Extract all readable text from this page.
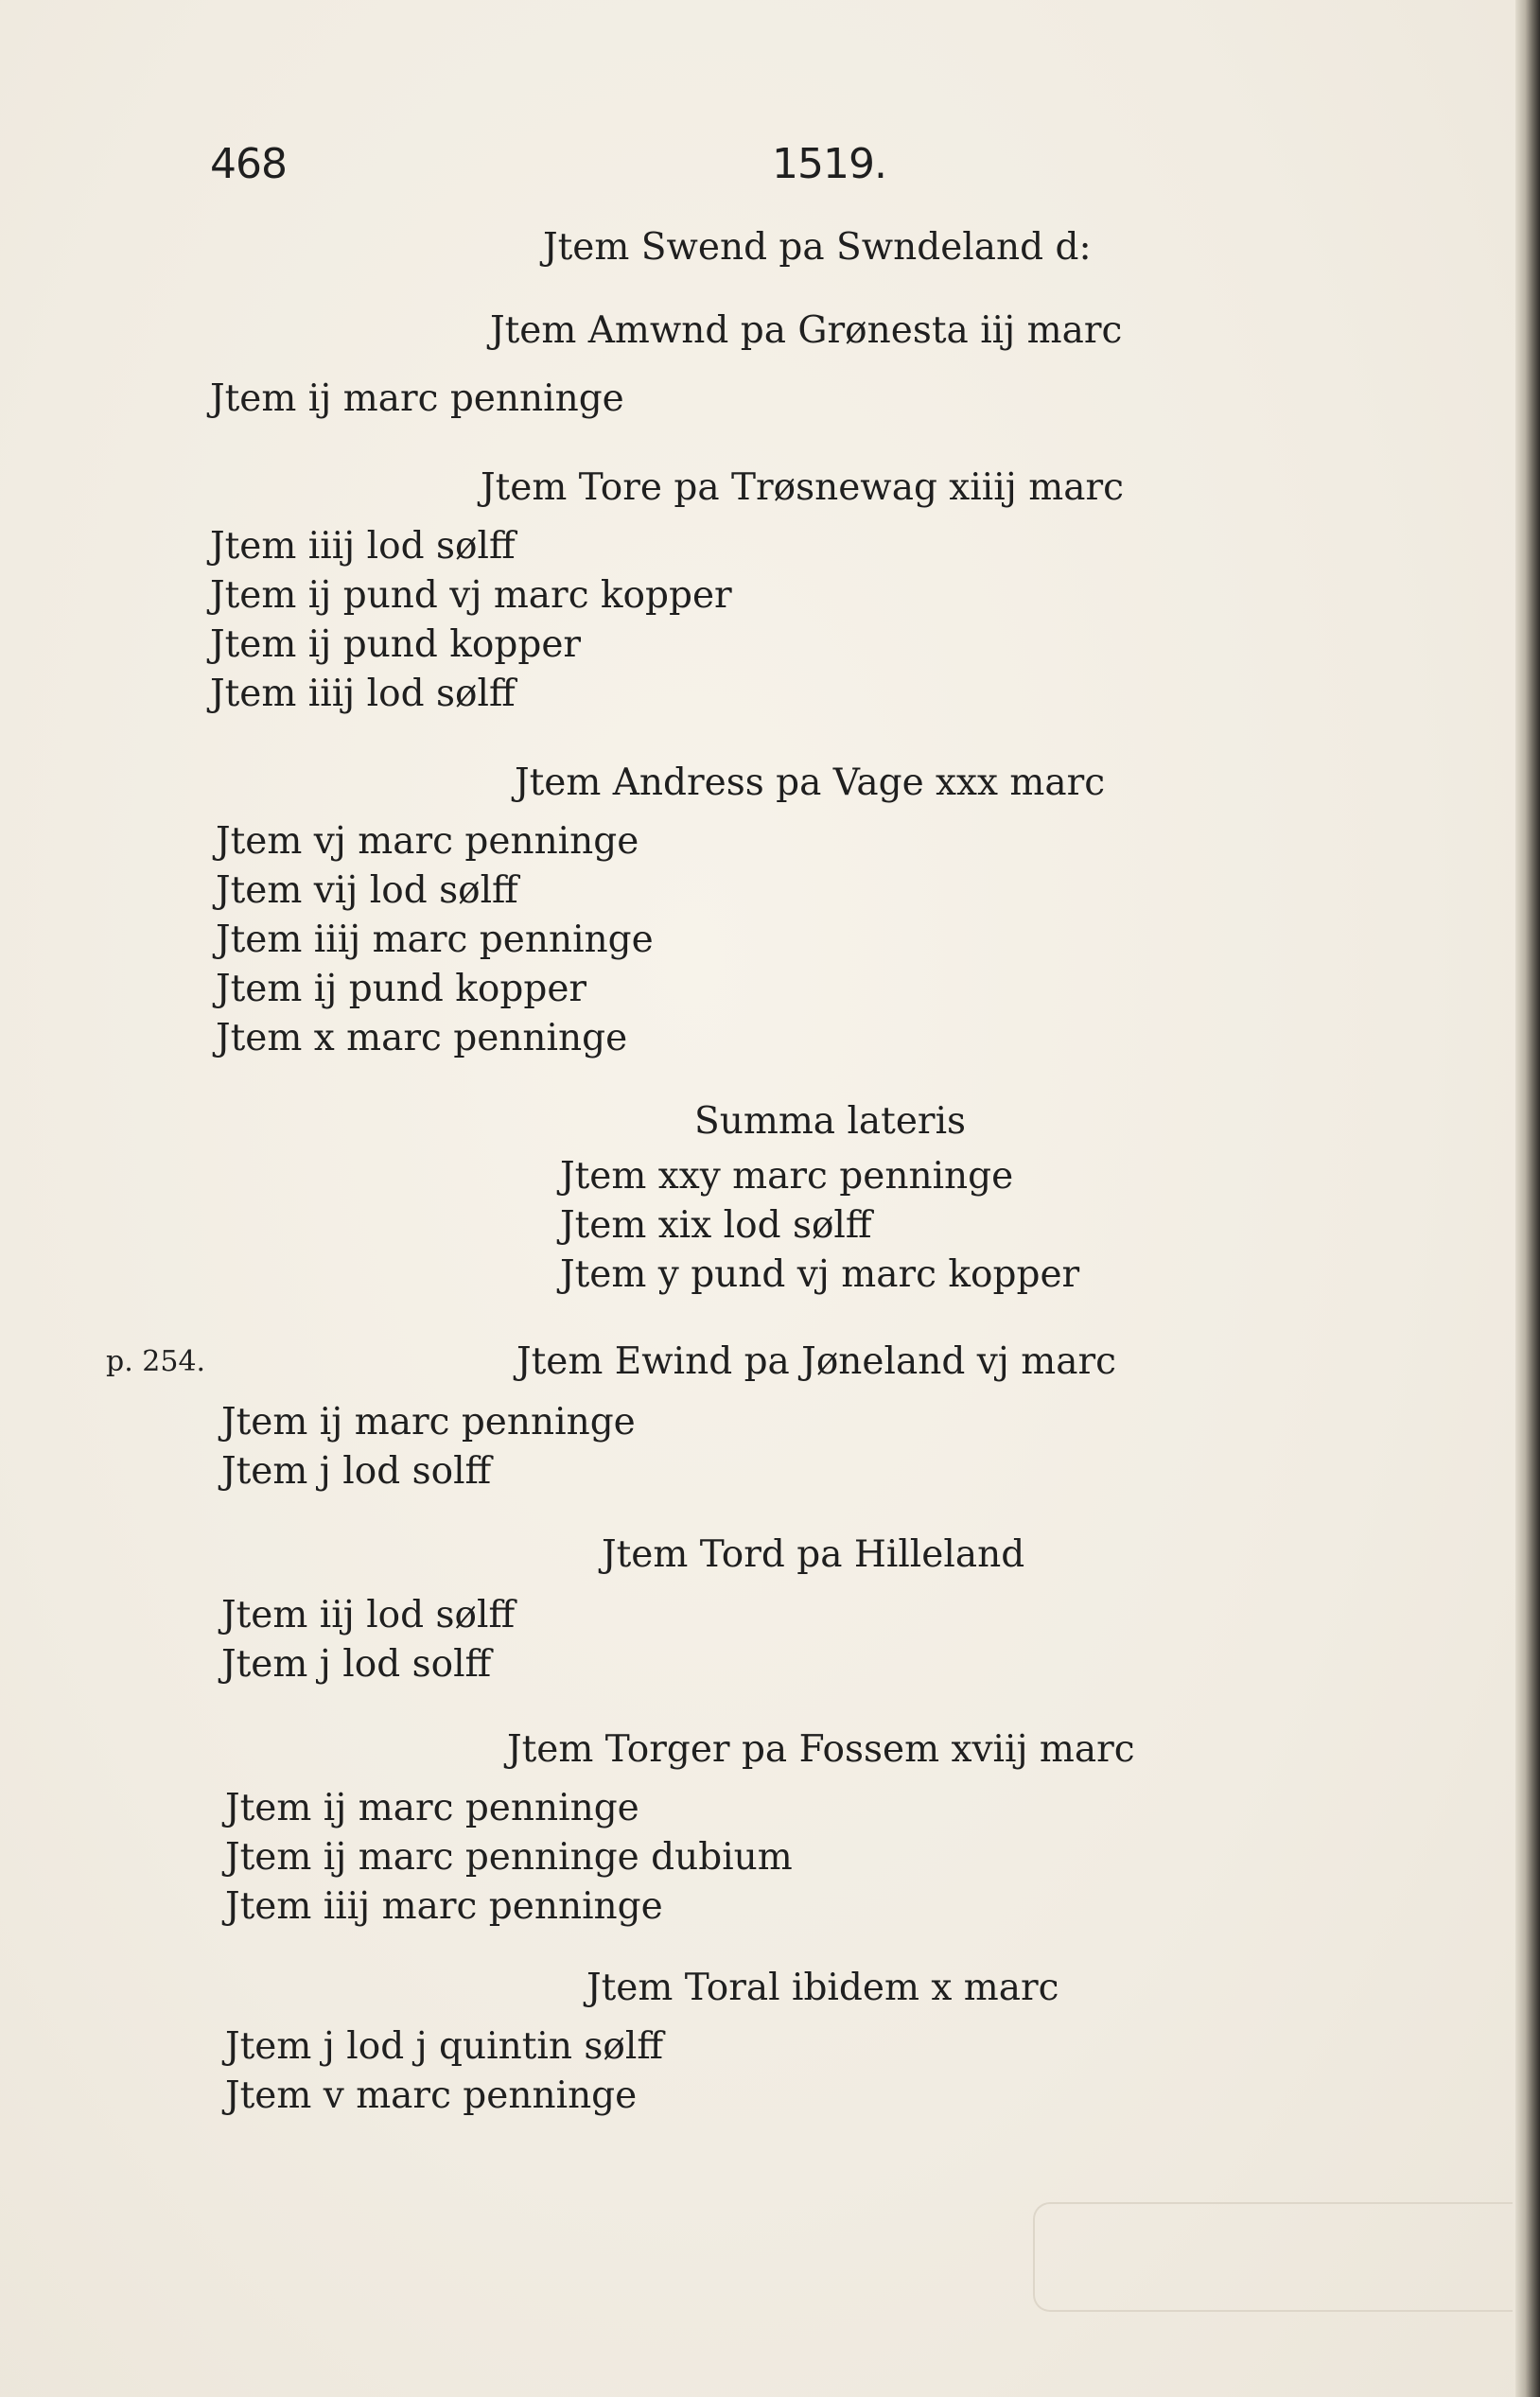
468	1519.
p. 254.
Jtem Swend pa Swndeland d:
Jtem Amwnd pa Grønesta iij marc
Jtem ij marc penninge
Jtem Tore pa Trøsnewag xiiij marc
Jtem iiij lod sølff
Jtem ij pund vj marc kopper
Jtem ij pund kopper
Jtem iiij lod sølff
Jtem Andress pa Vage xxx marc
Jtem vj marc penninge
Jtem vij lod sølff
Jtem iiij marc penninge
Jtem ij pund kopper
Jtem x marc penninge
Summa lateris
Jtem xxy marc penninge
Jtem xix lod sølff
Jtem y pund vj marc kopper
Jtem Ewind pa Jøneland vj marc
Jtem ij marc penninge
Jtem j lod solff
Jtem Tord pa Hilleland
Jtem iij lod sølff
Jtem j lod solff
Jtem Torger pa Fossem xviij marc
Jtem ij marc penninge
Jtem ij marc penninge dubium
Jtem iiij marc penninge
Jtem Toral ibidem x marc
Jtem j lod j quintin sølff
Jtem v marc penninge
